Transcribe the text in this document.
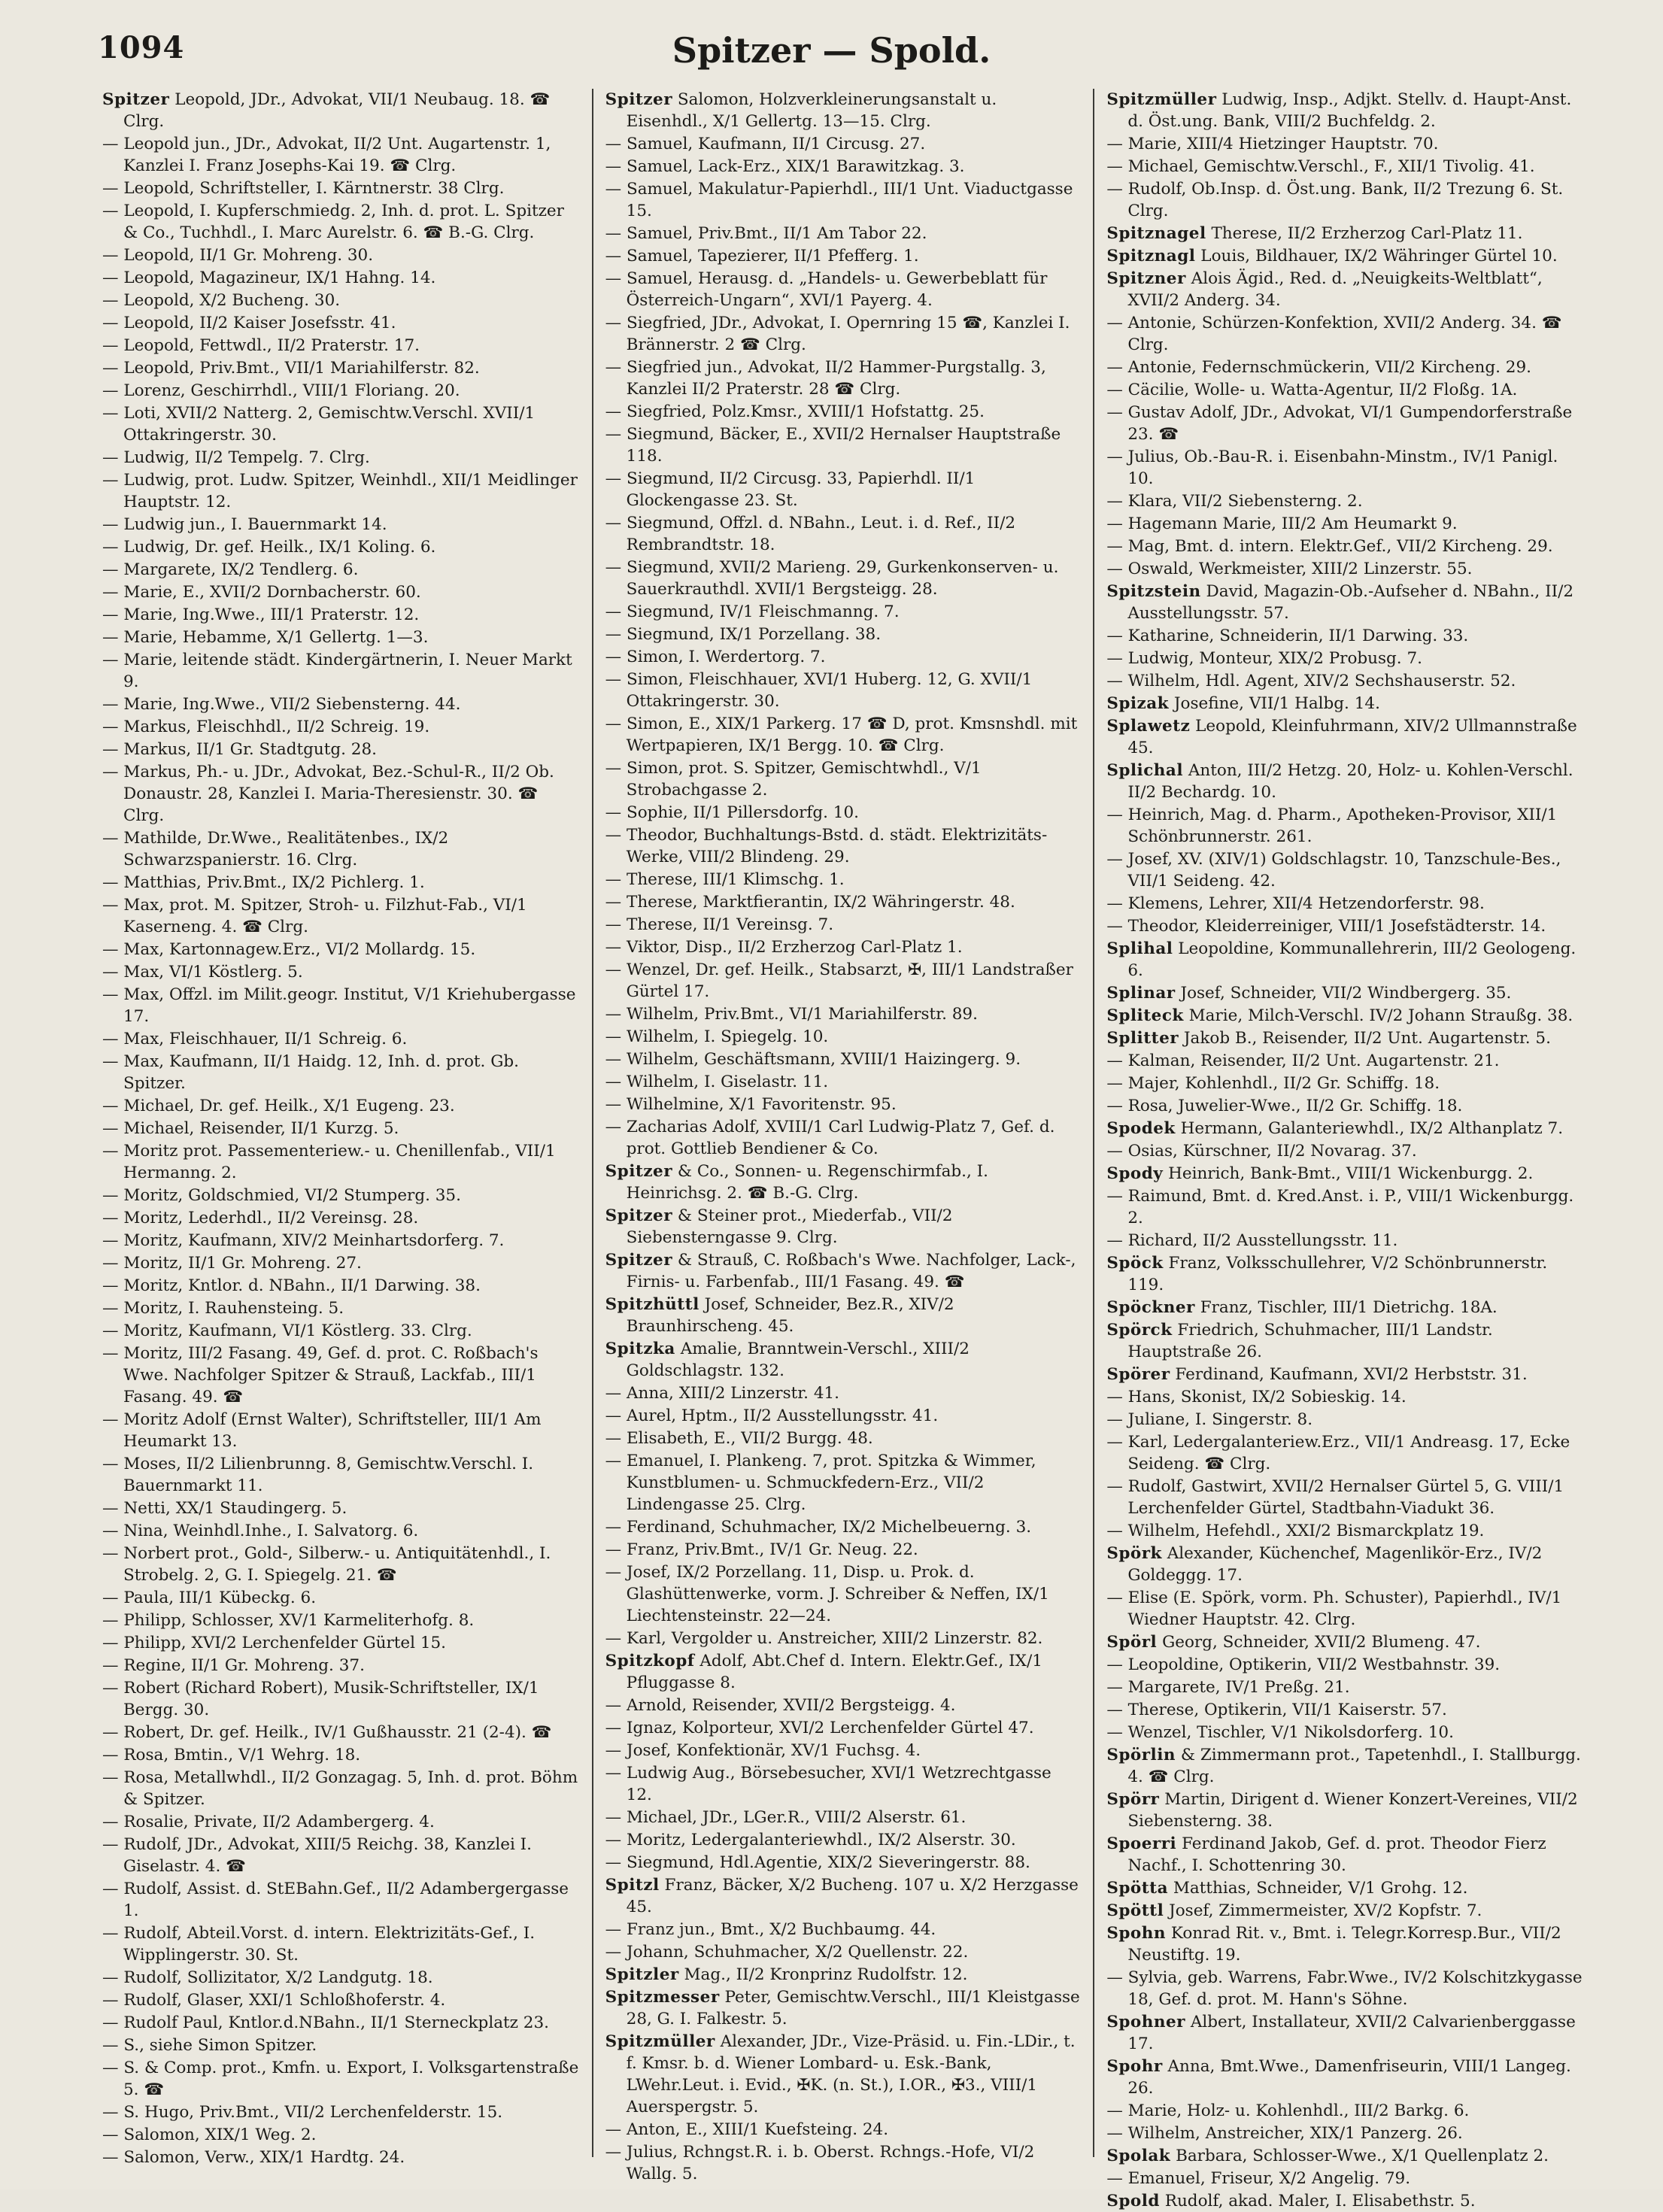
1094	Spitzer — Spold.
Spitzer Leopold, JDr., Advokat, VII/1 Neubaug. 18. ☎ Clrg.
— Leopold jun., JDr., Advokat, II/2 Unt. Augartenstr. 1, Kanzlei I. Franz Josephs-Kai 19. ☎ Clrg.
— Leopold, Schriftsteller, I. Kärntnerstr. 38 Clrg.
— Leopold, I. Kupferschmiedg. 2, Inh. d. prot. L. Spitzer & Co., Tuchhdl., I. Marc Aurelstr. 6. ☎ B.-G. Clrg.
— Leopold, II/1 Gr. Mohreng. 30.
— Leopold, Magazineur, IX/1 Hahng. 14.
— Leopold, X/2 Bucheng. 30.
— Leopold, II/2 Kaiser Josefsstr. 41.
— Leopold, Fettwdl., II/2 Praterstr. 17.
— Leopold, Priv.Bmt., VII/1 Mariahilferstr. 82.
— Lorenz, Geschirrhdl., VIII/1 Floriang. 20.
— Loti, XVII/2 Natterg. 2, Gemischtw.Verschl. XVII/1 Ottakringerstr. 30.
— Ludwig, II/2 Tempelg. 7. Clrg.
— Ludwig, prot. Ludw. Spitzer, Weinhdl., XII/1 Meidlinger Hauptstr. 12.
— Ludwig jun., I. Bauernmarkt 14.
— Ludwig, Dr. gef. Heilk., IX/1 Koling. 6.
— Margarete, IX/2 Tendlerg. 6.
— Marie, E., XVII/2 Dornbacherstr. 60.
— Marie, Ing.Wwe., III/1 Praterstr. 12.
— Marie, Hebamme, X/1 Gellertg. 1—3.
— Marie, leitende städt. Kindergärtnerin, I. Neuer Markt 9.
— Marie, Ing.Wwe., VII/2 Siebensterng. 44.
— Markus, Fleischhdl., II/2 Schreig. 19.
— Markus, II/1 Gr. Stadtgutg. 28.
— Markus, Ph.- u. JDr., Advokat, Bez.-Schul-R., II/2 Ob. Donaustr. 28, Kanzlei I. Maria-Theresienstr. 30. ☎ Clrg.
— Mathilde, Dr.Wwe., Realitätenbes., IX/2 Schwarzspanierstr. 16. Clrg.
— Matthias, Priv.Bmt., IX/2 Pichlerg. 1.
— Max, prot. M. Spitzer, Stroh- u. Filzhut-Fab., VI/1 Kaserneng. 4. ☎ Clrg.
— Max, Kartonnagew.Erz., VI/2 Mollardg. 15.
— Max, VI/1 Köstlerg. 5.
— Max, Offzl. im Milit.geogr. Institut, V/1 Kriehubergasse 17.
— Max, Fleischhauer, II/1 Schreig. 6.
— Max, Kaufmann, II/1 Haidg. 12, Inh. d. prot. Gb. Spitzer.
— Michael, Dr. gef. Heilk., X/1 Eugeng. 23.
— Michael, Reisender, II/1 Kurzg. 5.
— Moritz prot. Passementeriew.- u. Chenillenfab., VII/1 Hermanng. 2.
— Moritz, Goldschmied, VI/2 Stumperg. 35.
— Moritz, Lederhdl., II/2 Vereinsg. 28.
— Moritz, Kaufmann, XIV/2 Meinhartsdorferg. 7.
— Moritz, II/1 Gr. Mohreng. 27.
— Moritz, Kntlor. d. NBahn., II/1 Darwing. 38.
— Moritz, I. Rauhensteing. 5.
— Moritz, Kaufmann, VI/1 Köstlerg. 33. Clrg.
— Moritz, III/2 Fasang. 49, Gef. d. prot. C. Roßbach's Wwe. Nachfolger Spitzer & Strauß, Lackfab., III/1 Fasang. 49. ☎
— Moritz Adolf (Ernst Walter), Schriftsteller, III/1 Am Heumarkt 13.
— Moses, II/2 Lilienbrunng. 8, Gemischtw.Verschl. I. Bauernmarkt 11.
— Netti, XX/1 Staudingerg. 5.
— Nina, Weinhdl.Inhe., I. Salvatorg. 6.
— Norbert prot., Gold-, Silberw.- u. Antiquitätenhdl., I. Strobelg. 2, G. I. Spiegelg. 21. ☎
— Paula, III/1 Kübeckg. 6.
— Philipp, Schlosser, XV/1 Karmeliterhofg. 8.
— Philipp, XVI/2 Lerchenfelder Gürtel 15.
— Regine, II/1 Gr. Mohreng. 37.
— Robert (Richard Robert), Musik-Schriftsteller, IX/1 Bergg. 30.
— Robert, Dr. gef. Heilk., IV/1 Gußhausstr. 21 (2-4). ☎
— Rosa, Bmtin., V/1 Wehrg. 18.
— Rosa, Metallwhdl., II/2 Gonzagag. 5, Inh. d. prot. Böhm & Spitzer.
— Rosalie, Private, II/2 Adambergerg. 4.
— Rudolf, JDr., Advokat, XIII/5 Reichg. 38, Kanzlei I. Giselastr. 4. ☎
— Rudolf, Assist. d. StEBahn.Gef., II/2 Adambergergasse 1.
— Rudolf, Abteil.Vorst. d. intern. Elektrizitäts-Gef., I. Wipplingerstr. 30. St.
— Rudolf, Sollizitator, X/2 Landgutg. 18.
— Rudolf, Glaser, XXI/1 Schloßhoferstr. 4.
— Rudolf Paul, Kntlor.d.NBahn., II/1 Sterneckplatz 23.
— S., siehe Simon Spitzer.
— S. & Comp. prot., Kmfn. u. Export, I. Volksgartenstraße 5. ☎
— S. Hugo, Priv.Bmt., VII/2 Lerchenfelderstr. 15.
— Salomon, XIX/1 Weg. 2.
— Salomon, Verw., XIX/1 Hardtg. 24.
Spitzer Salomon, Holzverkleinerungsanstalt u. Eisenhdl., X/1 Gellertg. 13—15. Clrg.
— Samuel, Kaufmann, II/1 Circusg. 27.
— Samuel, Lack-Erz., XIX/1 Barawitzkag. 3.
— Samuel, Makulatur-Papierhdl., III/1 Unt. Viaductgasse 15.
— Samuel, Priv.Bmt., II/1 Am Tabor 22.
— Samuel, Tapezierer, II/1 Pfefferg. 1.
— Samuel, Herausg. d. „Handels- u. Gewerbeblatt für Österreich-Ungarn“, XVI/1 Payerg. 4.
— Siegfried, JDr., Advokat, I. Opernring 15 ☎, Kanzlei I. Brännerstr. 2 ☎ Clrg.
— Siegfried jun., Advokat, II/2 Hammer-Purgstallg. 3, Kanzlei II/2 Praterstr. 28 ☎ Clrg.
— Siegfried, Polz.Kmsr., XVIII/1 Hofstattg. 25.
— Siegmund, Bäcker, E., XVII/2 Hernalser Hauptstraße 118.
— Siegmund, II/2 Circusg. 33, Papierhdl. II/1 Glockengasse 23. St.
— Siegmund, Offzl. d. NBahn., Leut. i. d. Ref., II/2 Rembrandtstr. 18.
— Siegmund, XVII/2 Marieng. 29, Gurkenkonserven- u. Sauerkrauthdl. XVII/1 Bergsteigg. 28.
— Siegmund, IV/1 Fleischmanng. 7.
— Siegmund, IX/1 Porzellang. 38.
— Simon, I. Werdertorg. 7.
— Simon, Fleischhauer, XVI/1 Huberg. 12, G. XVII/1 Ottakringerstr. 30.
— Simon, E., XIX/1 Parkerg. 17 ☎ D, prot. Kmsnshdl. mit Wertpapieren, IX/1 Bergg. 10. ☎ Clrg.
— Simon, prot. S. Spitzer, Gemischtwhdl., V/1 Strobachgasse 2.
— Sophie, II/1 Pillersdorfg. 10.
— Theodor, Buchhaltungs-Bstd. d. städt. Elektrizitäts-Werke, VIII/2 Blindeng. 29.
— Therese, III/1 Klimschg. 1.
— Therese, Marktfierantin, IX/2 Währingerstr. 48.
— Therese, II/1 Vereinsg. 7.
— Viktor, Disp., II/2 Erzherzog Carl-Platz 1.
— Wenzel, Dr. gef. Heilk., Stabsarzt, ✠, III/1 Landstraßer Gürtel 17.
— Wilhelm, Priv.Bmt., VI/1 Mariahilferstr. 89.
— Wilhelm, I. Spiegelg. 10.
— Wilhelm, Geschäftsmann, XVIII/1 Haizingerg. 9.
— Wilhelm, I. Giselastr. 11.
— Wilhelmine, X/1 Favoritenstr. 95.
— Zacharias Adolf, XVIII/1 Carl Ludwig-Platz 7, Gef. d. prot. Gottlieb Bendiener & Co.
Spitzer & Co., Sonnen- u. Regenschirmfab., I. Heinrichsg. 2. ☎ B.-G. Clrg.
Spitzer & Steiner prot., Miederfab., VII/2 Siebensterngasse 9. Clrg.
Spitzer & Strauß, C. Roßbach's Wwe. Nachfolger, Lack-, Firnis- u. Farbenfab., III/1 Fasang. 49. ☎
Spitzhüttl Josef, Schneider, Bez.R., XIV/2 Braunhirscheng. 45.
Spitzka Amalie, Branntwein-Verschl., XIII/2 Goldschlagstr. 132.
— Anna, XIII/2 Linzerstr. 41.
— Aurel, Hptm., II/2 Ausstellungsstr. 41.
— Elisabeth, E., VII/2 Burgg. 48.
— Emanuel, I. Plankeng. 7, prot. Spitzka & Wimmer, Kunstblumen- u. Schmuckfedern-Erz., VII/2 Lindengasse 25. Clrg.
— Ferdinand, Schuhmacher, IX/2 Michelbeuerng. 3.
— Franz, Priv.Bmt., IV/1 Gr. Neug. 22.
— Josef, IX/2 Porzellang. 11, Disp. u. Prok. d. Glashüttenwerke, vorm. J. Schreiber & Neffen, IX/1 Liechtensteinstr. 22—24.
— Karl, Vergolder u. Anstreicher, XIII/2 Linzerstr. 82.
Spitzkopf Adolf, Abt.Chef d. Intern. Elektr.Gef., IX/1 Pfluggasse 8.
— Arnold, Reisender, XVII/2 Bergsteigg. 4.
— Ignaz, Kolporteur, XVI/2 Lerchenfelder Gürtel 47.
— Josef, Konfektionär, XV/1 Fuchsg. 4.
— Ludwig Aug., Börsebesucher, XVI/1 Wetzrechtgasse 12.
— Michael, JDr., LGer.R., VIII/2 Alserstr. 61.
— Moritz, Ledergalanteriewhdl., IX/2 Alserstr. 30.
— Siegmund, Hdl.Agentie, XIX/2 Sieveringerstr. 88.
Spitzl Franz, Bäcker, X/2 Bucheng. 107 u. X/2 Herzgasse 45.
— Franz jun., Bmt., X/2 Buchbaumg. 44.
— Johann, Schuhmacher, X/2 Quellenstr. 22.
Spitzler Mag., II/2 Kronprinz Rudolfstr. 12.
Spitzmesser Peter, Gemischtw.Verschl., III/1 Kleistgasse 28, G. I. Falkestr. 5.
Spitzmüller Alexander, JDr., Vize-Präsid. u. Fin.-LDir., t. f. Kmsr. b. d. Wiener Lombard- u. Esk.-Bank, LWehr.Leut. i. Evid., ✠K. (n. St.), I.OR., ✠3., VIII/1 Auerspergstr. 5.
— Anton, E., XIII/1 Kuefsteing. 24.
— Julius, Rchngst.R. i. b. Oberst. Rchngs.-Hofe, VI/2 Wallg. 5.
Spitzmüller Ludwig, Insp., Adjkt. Stellv. d. Haupt-Anst. d. Öst.ung. Bank, VIII/2 Buchfeldg. 2.
— Marie, XIII/4 Hietzinger Hauptstr. 70.
— Michael, Gemischtw.Verschl., F., XII/1 Tivolig. 41.
— Rudolf, Ob.Insp. d. Öst.ung. Bank, II/2 Trezung 6. St. Clrg.
Spitznagel Therese, II/2 Erzherzog Carl-Platz 11.
Spitznagl Louis, Bildhauer, IX/2 Währinger Gürtel 10.
Spitzner Alois Ägid., Red. d. „Neuigkeits-Weltblatt“, XVII/2 Anderg. 34.
— Antonie, Schürzen-Konfektion, XVII/2 Anderg. 34. ☎ Clrg.
— Antonie, Federnschmückerin, VII/2 Kircheng. 29.
— Cäcilie, Wolle- u. Watta-Agentur, II/2 Floßg. 1A.
— Gustav Adolf, JDr., Advokat, VI/1 Gumpendorferstraße 23. ☎
— Julius, Ob.-Bau-R. i. Eisenbahn-Minstm., IV/1 Panigl. 10.
— Klara, VII/2 Siebensterng. 2.
— Hagemann Marie, III/2 Am Heumarkt 9.
— Mag, Bmt. d. intern. Elektr.Gef., VII/2 Kircheng. 29.
— Oswald, Werkmeister, XIII/2 Linzerstr. 55.
Spitzstein David, Magazin-Ob.-Aufseher d. NBahn., II/2 Ausstellungsstr. 57.
— Katharine, Schneiderin, II/1 Darwing. 33.
— Ludwig, Monteur, XIX/2 Probusg. 7.
— Wilhelm, Hdl. Agent, XIV/2 Sechshauserstr. 52.
Spizak Josefine, VII/1 Halbg. 14.
Splawetz Leopold, Kleinfuhrmann, XIV/2 Ullmannstraße 45.
Splichal Anton, III/2 Hetzg. 20, Holz- u. Kohlen-Verschl. II/2 Bechardg. 10.
— Heinrich, Mag. d. Pharm., Apotheken-Provisor, XII/1 Schönbrunnerstr. 261.
— Josef, XV. (XIV/1) Goldschlagstr. 10, Tanzschule-Bes., VII/1 Seideng. 42.
— Klemens, Lehrer, XII/4 Hetzendorferstr. 98.
— Theodor, Kleiderreiniger, VIII/1 Josefstädterstr. 14.
Splihal Leopoldine, Kommunallehrerin, III/2 Geologeng. 6.
Splinar Josef, Schneider, VII/2 Windbergerg. 35.
Spliteck Marie, Milch-Verschl. IV/2 Johann Straußg. 38.
Splitter Jakob B., Reisender, II/2 Unt. Augartenstr. 5.
— Kalman, Reisender, II/2 Unt. Augartenstr. 21.
— Majer, Kohlenhdl., II/2 Gr. Schiffg. 18.
— Rosa, Juwelier-Wwe., II/2 Gr. Schiffg. 18.
Spodek Hermann, Galanteriewhdl., IX/2 Althanplatz 7.
— Osias, Kürschner, II/2 Novarag. 37.
Spody Heinrich, Bank-Bmt., VIII/1 Wickenburgg. 2.
— Raimund, Bmt. d. Kred.Anst. i. P., VIII/1 Wickenburgg. 2.
— Richard, II/2 Ausstellungsstr. 11.
Spöck Franz, Volksschullehrer, V/2 Schönbrunnerstr. 119.
Spöckner Franz, Tischler, III/1 Dietrichg. 18A.
Spörck Friedrich, Schuhmacher, III/1 Landstr. Hauptstraße 26.
Spörer Ferdinand, Kaufmann, XVI/2 Herbststr. 31.
— Hans, Skonist, IX/2 Sobieskig. 14.
— Juliane, I. Singerstr. 8.
— Karl, Ledergalanteriew.Erz., VII/1 Andreasg. 17, Ecke Seideng. ☎ Clrg.
— Rudolf, Gastwirt, XVII/2 Hernalser Gürtel 5, G. VIII/1 Lerchenfelder Gürtel, Stadtbahn-Viadukt 36.
— Wilhelm, Hefehdl., XXI/2 Bismarckplatz 19.
Spörk Alexander, Küchenchef, Magenlikör-Erz., IV/2 Goldeggg. 17.
— Elise (E. Spörk, vorm. Ph. Schuster), Papierhdl., IV/1 Wiedner Hauptstr. 42. Clrg.
Spörl Georg, Schneider, XVII/2 Blumeng. 47.
— Leopoldine, Optikerin, VII/2 Westbahnstr. 39.
— Margarete, IV/1 Preßg. 21.
— Therese, Optikerin, VII/1 Kaiserstr. 57.
— Wenzel, Tischler, V/1 Nikolsdorferg. 10.
Spörlin & Zimmermann prot., Tapetenhdl., I. Stallburgg. 4. ☎ Clrg.
Spörr Martin, Dirigent d. Wiener Konzert-Vereines, VII/2 Siebensterng. 38.
Spoerri Ferdinand Jakob, Gef. d. prot. Theodor Fierz Nachf., I. Schottenring 30.
Spötta Matthias, Schneider, V/1 Grohg. 12.
Spöttl Josef, Zimmermeister, XV/2 Kopfstr. 7.
Spohn Konrad Rit. v., Bmt. i. Telegr.Korresp.Bur., VII/2 Neustiftg. 19.
— Sylvia, geb. Warrens, Fabr.Wwe., IV/2 Kolschitzkygasse 18, Gef. d. prot. M. Hann's Söhne.
Spohner Albert, Installateur, XVII/2 Calvarienberggasse 17.
Spohr Anna, Bmt.Wwe., Damenfriseurin, VIII/1 Langeg. 26.
— Marie, Holz- u. Kohlenhdl., III/2 Barkg. 6.
— Wilhelm, Anstreicher, XIX/1 Panzerg. 26.
Spolak Barbara, Schlosser-Wwe., X/1 Quellenplatz 2.
— Emanuel, Friseur, X/2 Angelig. 79.
Spold Rudolf, akad. Maler, I. Elisabethstr. 5.
